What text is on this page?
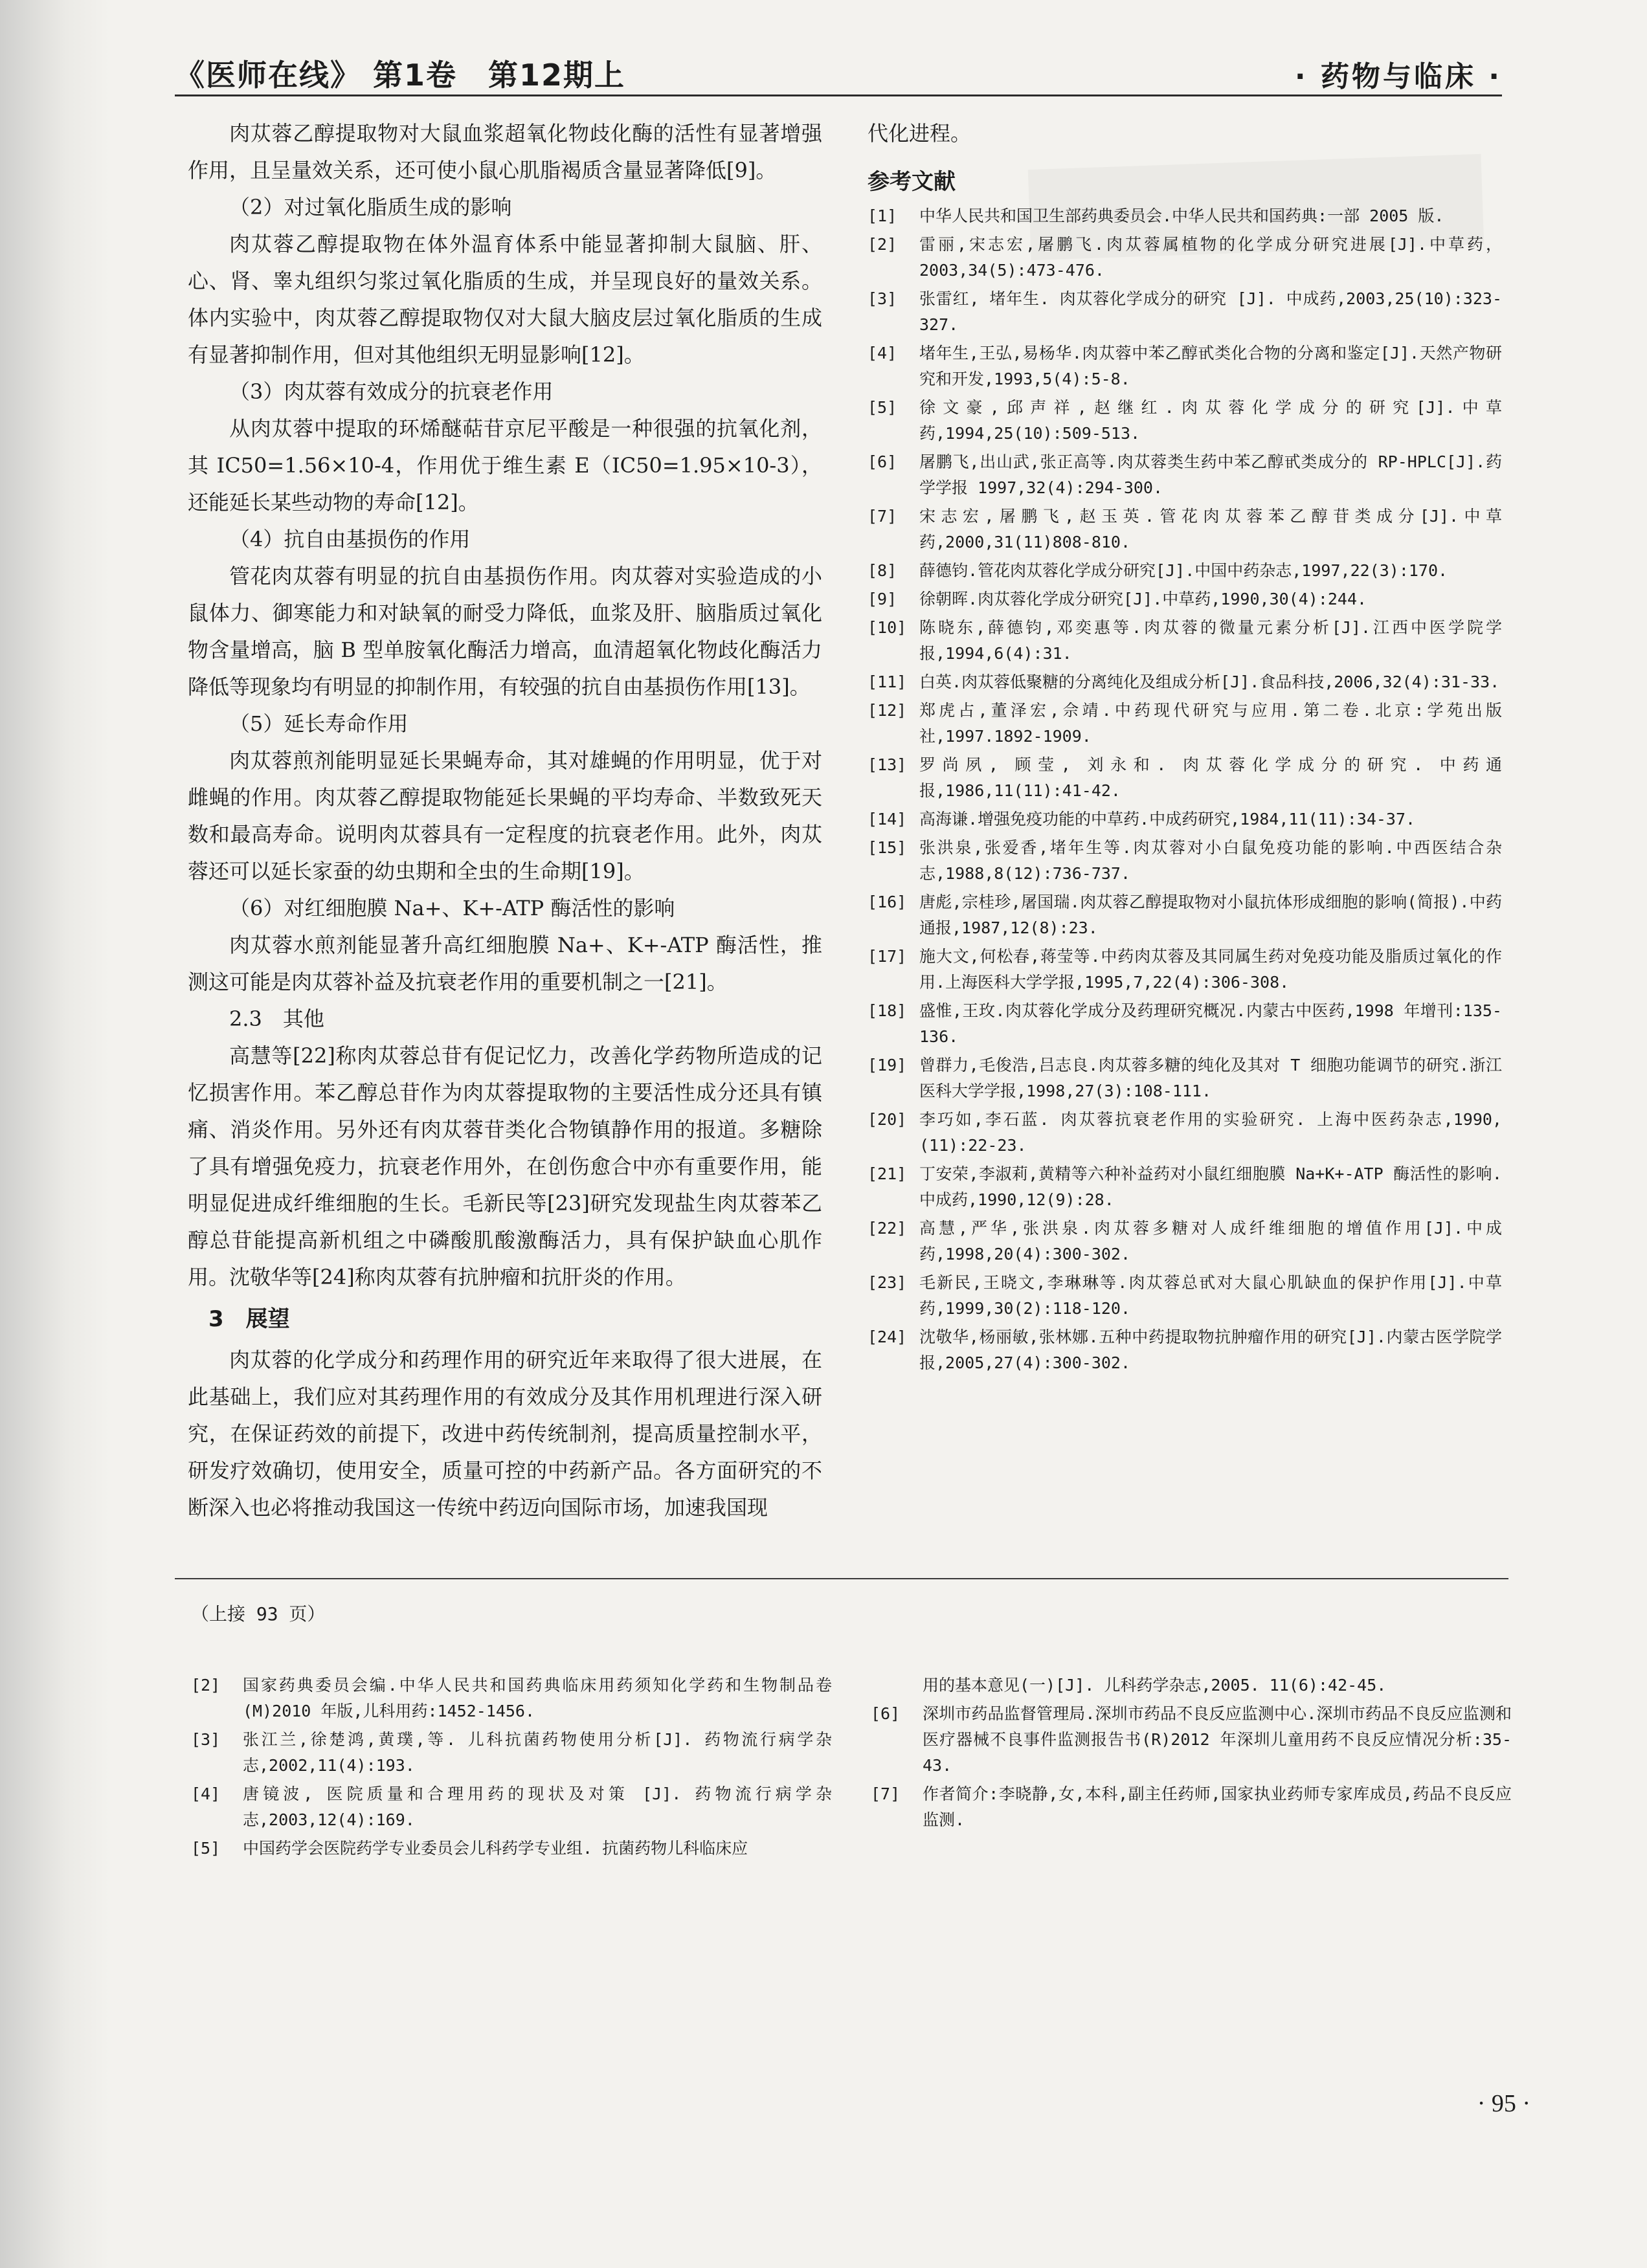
《医师在线》 第1卷　第12期上	· 药物与临床 ·

肉苁蓉乙醇提取物对大鼠血浆超氧化物歧化酶的活性有显著增强作用，且呈量效关系，还可使小鼠心肌脂褐质含量显著降低[9]。

（2）对过氧化脂质生成的影响

肉苁蓉乙醇提取物在体外温育体系中能显著抑制大鼠脑、肝、心、肾、睾丸组织匀浆过氧化脂质的生成，并呈现良好的量效关系。体内实验中，肉苁蓉乙醇提取物仅对大鼠大脑皮层过氧化脂质的生成有显著抑制作用，但对其他组织无明显影响[12]。

（3）肉苁蓉有效成分的抗衰老作用

从肉苁蓉中提取的环烯醚萜苷京尼平酸是一种很强的抗氧化剂，其 IC50=1.56×10-4，作用优于维生素 E（IC50=1.95×10-3），还能延长某些动物的寿命[12]。

（4）抗自由基损伤的作用

管花肉苁蓉有明显的抗自由基损伤作用。肉苁蓉对实验造成的小鼠体力、御寒能力和对缺氧的耐受力降低，血浆及肝、脑脂质过氧化物含量增高，脑 B 型单胺氧化酶活力增高，血清超氧化物歧化酶活力降低等现象均有明显的抑制作用，有较强的抗自由基损伤作用[13]。

（5）延长寿命作用

肉苁蓉煎剂能明显延长果蝇寿命，其对雄蝇的作用明显，优于对雌蝇的作用。肉苁蓉乙醇提取物能延长果蝇的平均寿命、半数致死天数和最高寿命。说明肉苁蓉具有一定程度的抗衰老作用。此外，肉苁蓉还可以延长家蚕的幼虫期和全虫的生命期[19]。

（6）对红细胞膜 Na+、K+-ATP 酶活性的影响

肉苁蓉水煎剂能显著升高红细胞膜 Na+、K+-ATP 酶活性，推测这可能是肉苁蓉补益及抗衰老作用的重要机制之一[21]。

2.3　其他

高慧等[22]称肉苁蓉总苷有促记忆力，改善化学药物所造成的记忆损害作用。苯乙醇总苷作为肉苁蓉提取物的主要活性成分还具有镇痛、消炎作用。另外还有肉苁蓉苷类化合物镇静作用的报道。多糖除了具有增强免疫力，抗衰老作用外，在创伤愈合中亦有重要作用，能明显促进成纤维细胞的生长。毛新民等[23]研究发现盐生肉苁蓉苯乙醇总苷能提高新机组之中磷酸肌酸激酶活力，具有保护缺血心肌作用。沈敬华等[24]称肉苁蓉有抗肿瘤和抗肝炎的作用。

3　展望

肉苁蓉的化学成分和药理作用的研究近年来取得了很大进展，在此基础上，我们应对其药理作用的有效成分及其作用机理进行深入研究，在保证药效的前提下，改进中药传统制剂，提高质量控制水平，研发疗效确切，使用安全，质量可控的中药新产品。各方面研究的不断深入也必将推动我国这一传统中药迈向国际市场，加速我国现

代化进程。

参考文献
[1]	中华人民共和国卫生部药典委员会.中华人民共和国药典:一部 2005 版.
[2]	雷丽,宋志宏,屠鹏飞.肉苁蓉属植物的化学成分研究进展[J].中草药，2003,34(5):473-476.
[3]	张雷红, 堵年生. 肉苁蓉化学成分的研究 [J]. 中成药,2003,25(10):323-327.
[4]	堵年生,王弘,易杨华.肉苁蓉中苯乙醇甙类化合物的分离和鉴定[J].天然产物研究和开发,1993,5(4):5-8.
[5]	徐文豪,邱声祥,赵继红.肉苁蓉化学成分的研究[J].中草药,1994,25(10):509-513.
[6]	屠鹏飞,出山武,张正高等.肉苁蓉类生药中苯乙醇甙类成分的 RP-HPLC[J].药学学报 1997,32(4):294-300.
[7]	宋志宏,屠鹏飞,赵玉英.管花肉苁蓉苯乙醇苷类成分[J].中草药,2000,31(11)808-810.
[8]	薛德钧.管花肉苁蓉化学成分研究[J].中国中药杂志,1997,22(3):170.
[9]	徐朝晖.肉苁蓉化学成分研究[J].中草药,1990,30(4):244.
[10] 陈晓东,薛德钧,邓奕惠等.肉苁蓉的微量元素分析[J].江西中医学院学报,1994,6(4):31.
[11] 白英.肉苁蓉低聚糖的分离纯化及组成分析[J].食品科技,2006,32(4):31-33.
[12] 郑虎占,董泽宏,佘靖.中药现代研究与应用.第二卷.北京:学苑出版社,1997.1892-1909.
[13] 罗尚夙, 顾莹, 刘永和. 肉苁蓉化学成分的研究. 中药通报,1986,11(11):41-42.
[14] 高海谦.增强免疫功能的中草药.中成药研究,1984,11(11):34-37.
[15] 张洪泉,张爱香,堵年生等.肉苁蓉对小白鼠免疫功能的影响.中西医结合杂志,1988,8(12):736-737.
[16] 唐彪,宗桂珍,屠国瑞.肉苁蓉乙醇提取物对小鼠抗体形成细胞的影响(简报).中药通报,1987,12(8):23.
[17] 施大文,何松春,蒋莹等.中药肉苁蓉及其同属生药对免疫功能及脂质过氧化的作用.上海医科大学学报,1995,7,22(4):306-308.
[18] 盛惟,王玫.肉苁蓉化学成分及药理研究概况.内蒙古中医药,1998 年增刊:135-136.
[19] 曾群力,毛俊浩,吕志良.肉苁蓉多糖的纯化及其对 T 细胞功能调节的研究.浙江医科大学学报,1998,27(3):108-111.
[20] 李巧如,李石蓝. 肉苁蓉抗衰老作用的实验研究. 上海中医药杂志,1990,(11):22-23.
[21] 丁安荣,李淑莉,黄精等六种补益药对小鼠红细胞膜 Na+K+-ATP 酶活性的影响.中成药,1990,12(9):28.
[22] 高慧,严华,张洪泉.肉苁蓉多糖对人成纤维细胞的增值作用[J].中成药,1998,20(4):300-302.
[23] 毛新民,王晓文,李琳琳等.肉苁蓉总甙对大鼠心肌缺血的保护作用[J].中草药,1999,30(2):118-120.
[24] 沈敬华,杨丽敏,张林娜.五种中药提取物抗肿瘤作用的研究[J].内蒙古医学院学报,2005,27(4):300-302.
（上接 93 页）
[2]	国家药典委员会编.中华人民共和国药典临床用药须知化学药和生物制品卷(M)2010 年版,儿科用药:1452-1456.
[3]	张江兰,徐楚鸿,黄璞,等. 儿科抗菌药物使用分析[J]. 药物流行病学杂志,2002,11(4):193.
[4]	唐镜波, 医院质量和合理用药的现状及对策 [J]. 药物流行病学杂志,2003,12(4):169.
[5]	中国药学会医院药学专业委员会儿科药学专业组. 抗菌药物儿科临床应
用的基本意见(一)[J]. 儿科药学杂志,2005. 11(6):42-45.
[6]	深圳市药品监督管理局.深圳市药品不良反应监测中心.深圳市药品不良反应监测和医疗器械不良事件监测报告书(R)2012 年深圳儿童用药不良反应情况分析:35-43.
[7]	作者简介:李晓静,女,本科,副主任药师,国家执业药师专家库成员,药品不良反应监测.
· 95 ·
